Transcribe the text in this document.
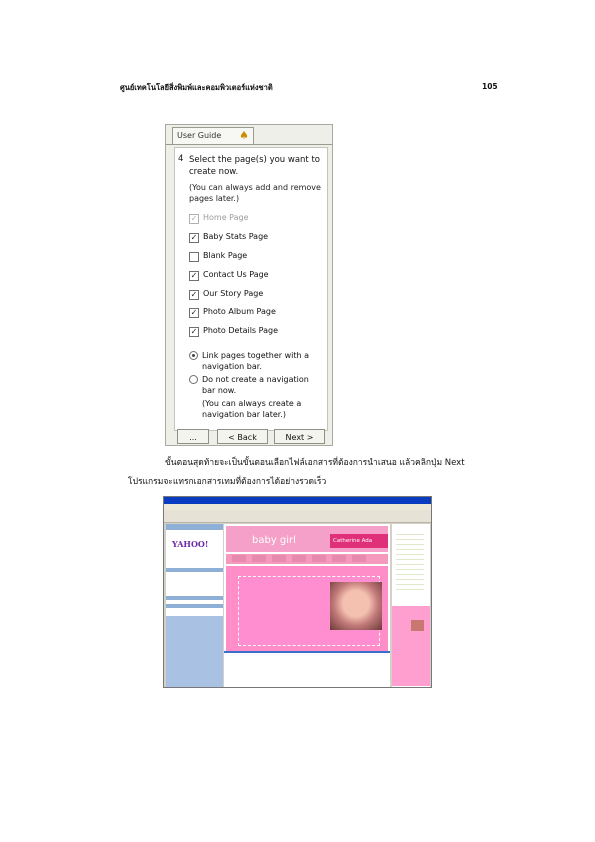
ศูนย์เทคโนโลยีสิ่งพิมพ์และคอมพิวเตอร์แห่งชาติ	105
User Guide ♠
4 Select the page(s) you want to create now.
(You can always add and remove pages later.)
✓ Home Page
✓ Baby Stats Page
Blank Page
✓ Contact Us Page
✓ Our Story Page
✓ Photo Album Page
✓ Photo Details Page
Link pages together with a navigation bar.
Do not create a navigation bar now.
(You can always create a navigation bar later.)
...	< Back	Next >
ขั้นตอนสุดท้ายจะเป็นขั้นตอนเลือกไฟล์เอกสารที่ต้องการนำเสนอ แล้วคลิกปุ่ม Next
โปรแกรมจะแทรกเอกสารเทมที่ต้องการได้อย่างรวดเร็ว
YAHOO!	baby girl	Catherine Ada
